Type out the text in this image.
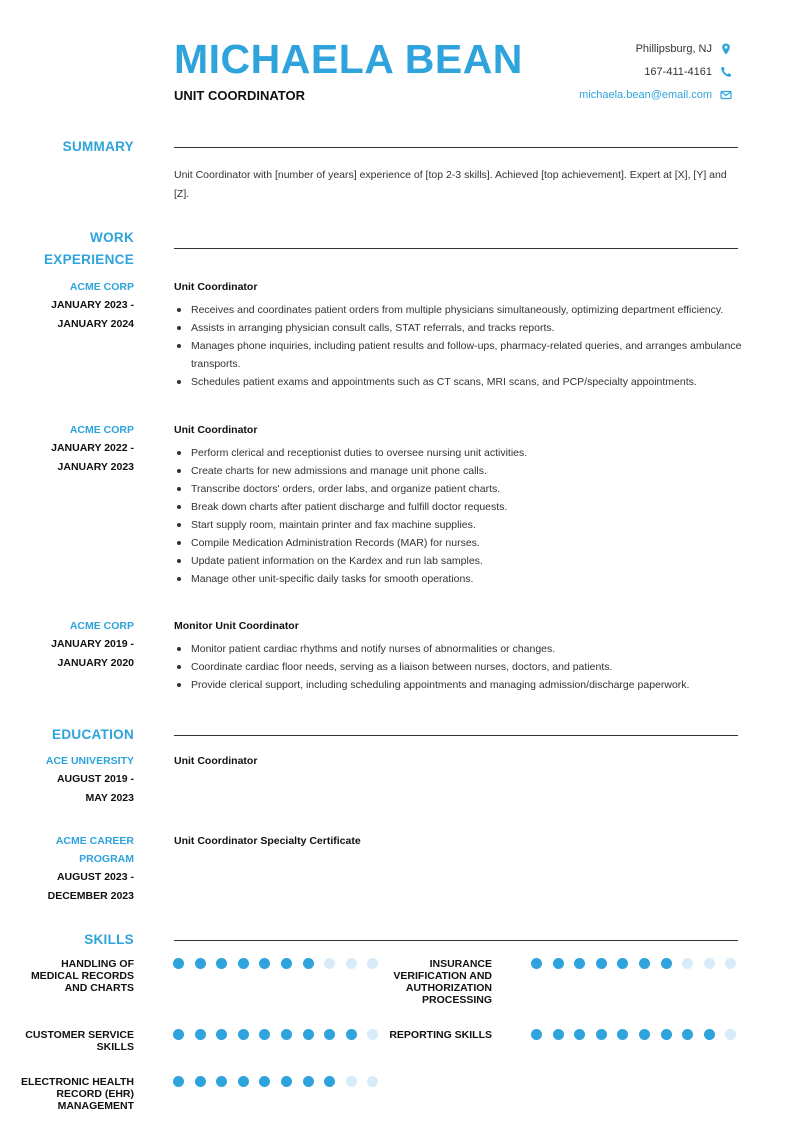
MICHAELA BEAN
UNIT COORDINATOR
Phillipsburg, NJ
167-411-4161
michaela.bean@email.com
SUMMARY
Unit Coordinator with [number of years] experience of [top 2-3 skills]. Achieved [top achievement]. Expert at [X], [Y] and [Z].
WORK
EXPERIENCE
ACME CORP
JANUARY 2023 -
JANUARY 2024
Unit Coordinator
Receives and coordinates patient orders from multiple physicians simultaneously, optimizing department efficiency.
Assists in arranging physician consult calls, STAT referrals, and tracks reports.
Manages phone inquiries, including patient results and follow-ups, pharmacy-related queries, and arranges ambulance transports.
Schedules patient exams and appointments such as CT scans, MRI scans, and PCP/specialty appointments.
ACME CORP
JANUARY 2022 -
JANUARY 2023
Unit Coordinator
Perform clerical and receptionist duties to oversee nursing unit activities.
Create charts for new admissions and manage unit phone calls.
Transcribe doctors' orders, order labs, and organize patient charts.
Break down charts after patient discharge and fulfill doctor requests.
Start supply room, maintain printer and fax machine supplies.
Compile Medication Administration Records (MAR) for nurses.
Update patient information on the Kardex and run lab samples.
Manage other unit-specific daily tasks for smooth operations.
ACME CORP
JANUARY 2019 -
JANUARY 2020
Monitor Unit Coordinator
Monitor patient cardiac rhythms and notify nurses of abnormalities or changes.
Coordinate cardiac floor needs, serving as a liaison between nurses, doctors, and patients.
Provide clerical support, including scheduling appointments and managing admission/discharge paperwork.
EDUCATION
ACE UNIVERSITY
AUGUST 2019 -
MAY 2023
Unit Coordinator
ACME CAREER
PROGRAM
AUGUST 2023 -
DECEMBER 2023
Unit Coordinator Specialty Certificate
SKILLS
HANDLING OF
MEDICAL RECORDS
AND CHARTS
INSURANCE
VERIFICATION AND
AUTHORIZATION
PROCESSING
CUSTOMER SERVICE
SKILLS
REPORTING SKILLS
ELECTRONIC HEALTH
RECORD (EHR)
MANAGEMENT
